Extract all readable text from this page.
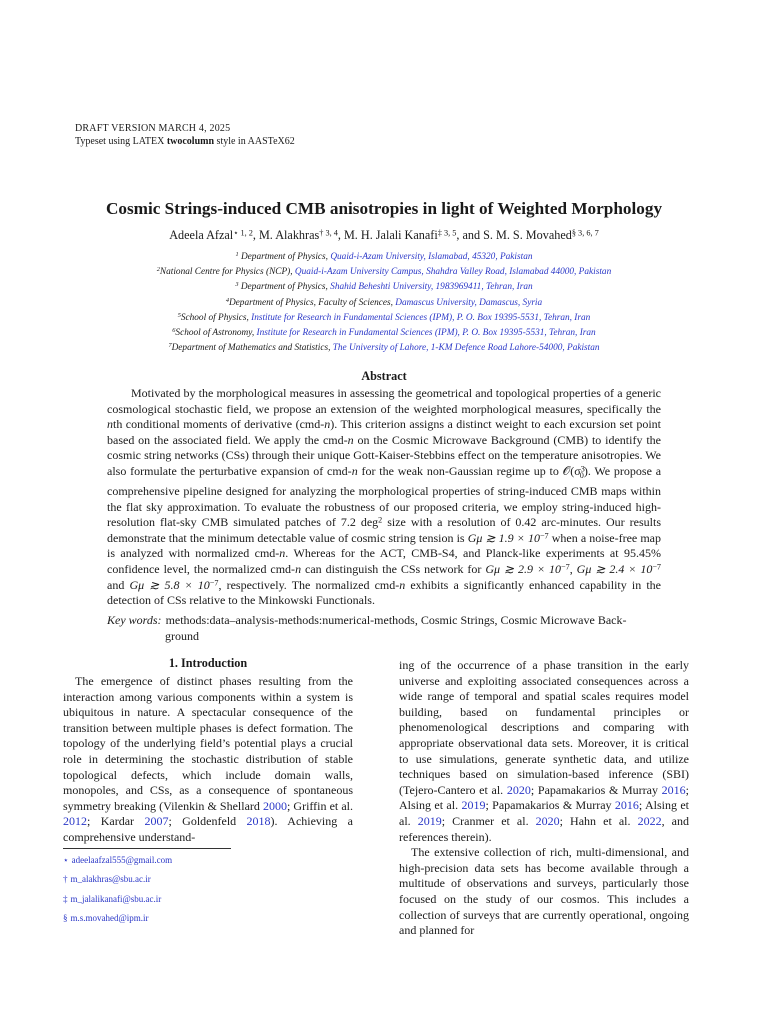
DRAFT VERSION MARCH 4, 2025
Typeset using LATEX twocolumn style in AASTeX62
Cosmic Strings-induced CMB anisotropies in light of Weighted Morphology
Adeela Afzal$^{⋆ 1, 2}$, M. Alakhras$^{\dagger 3, 4}$, M. H. Jalali Kanafi$^{\ddagger 3, 5}$, and S. M. S. Movahed$^{\S 3, 6, 7}$
$^1$ Department of Physics, Quaid-i-Azam University, Islamabad, 45320, Pakistan
$^2$National Centre for Physics (NCP), Quaid-i-Azam University Campus, Shahdra Valley Road, Islamabad 44000, Pakistan
$^3$ Department of Physics, Shahid Beheshti University, 1983969411, Tehran, Iran
$^4$Department of Physics, Faculty of Sciences, Damascus University, Damascus, Syria
$^5$School of Physics, Institute for Research in Fundamental Sciences (IPM), P. O. Box 19395-5531, Tehran, Iran
$^6$School of Astronomy, Institute for Research in Fundamental Sciences (IPM), P. O. Box 19395-5531, Tehran, Iran
$^7$Department of Mathematics and Statistics, The University of Lahore, 1-KM Defence Road Lahore-54000, Pakistan
Abstract
Motivated by the morphological measures in assessing the geometrical and topological properties of a generic cosmological stochastic field, we propose an extension of the weighted morphological measures, specifically the nth conditional moments of derivative (cmd-n). This criterion assigns a distinct weight to each excursion set point based on the associated field. We apply the cmd-n on the Cosmic Microwave Background (CMB) to identify the cosmic string networks (CSs) through their unique Gott-Kaiser-Stebbins effect on the temperature anisotropies. We also formulate the perturbative expansion of cmd-n for the weak non-Gaussian regime up to $𝒪(\sigma^3_0)$. We propose a comprehensive pipeline designed for analyzing the morphological properties of string-induced CMB maps within the flat sky approximation. To evaluate the robustness of our proposed criteria, we employ string-induced high-resolution flat-sky CMB simulated patches of 7.2 deg$^2$ size with a resolution of 0.42 arc-minutes. Our results demonstrate that the minimum detectable value of cosmic string tension is Gμ ≳ $1.9 \times 10^{-7}$ when a noise-free map is analyzed with normalized cmd-n. Whereas for the ACT, CMB-S4, and Planck-like experiments at 95.45% confidence level, the normalized cmd-n can distinguish the CSs network for Gμ ≳ $2.9 \times 10^{-7}$, Gμ ≳ $2.4 \times 10^{-7}$ and Gμ ≳ $5.8 \times 10^{-7}$, respectively. The normalized cmd-n exhibits a significantly enhanced capability in the detection of CSs relative to the Minkowski Functionals.
Key words: methods:data–analysis-methods:numerical-methods, Cosmic Strings, Cosmic Microwave Back-
ground
1. Introduction

The emergence of distinct phases resulting from the interaction among various components within a system is ubiquitous in nature. A spectacular consequence of the transition between multiple phases is defect formation. The topology of the underlying field’s potential plays a crucial role in determining the stochastic distribution of stable topological defects, which include domain walls, monopoles, and CSs, as a consequence of spontaneous symmetry breaking (Vilenkin & Shellard 2000; Griffin et al. 2012; Kardar 2007; Goldenfeld 2018). Achieving a comprehensive understand-

ing of the occurrence of a phase transition in the early universe and exploiting associated consequences across a wide range of temporal and spatial scales requires model building, based on fundamental principles or phenomenological descriptions and comparing with appropriate observational data sets. Moreover, it is critical to use simulations, generate synthetic data, and utilize techniques based on simulation-based inference (SBI) (Tejero-Cantero et al. 2020; Papamakarios & Murray 2016; Alsing et al. 2019; Papamakarios & Murray 2016; Alsing et al. 2019; Cranmer et al. 2020; Hahn et al. 2022, and references therein).

The extensive collection of rich, multi-dimensional, and high-precision data sets has become available through a multitude of observations and surveys, particularly those focused on the study of our cosmos. This includes a collection of surveys that are currently operational, ongoing and planned for

⋆ adeelaafzal555@gmail.com
† m_alakhras@sbu.ac.ir
‡ m_jalalikanafi@sbu.ac.ir
§ m.s.movahed@ipm.ir
